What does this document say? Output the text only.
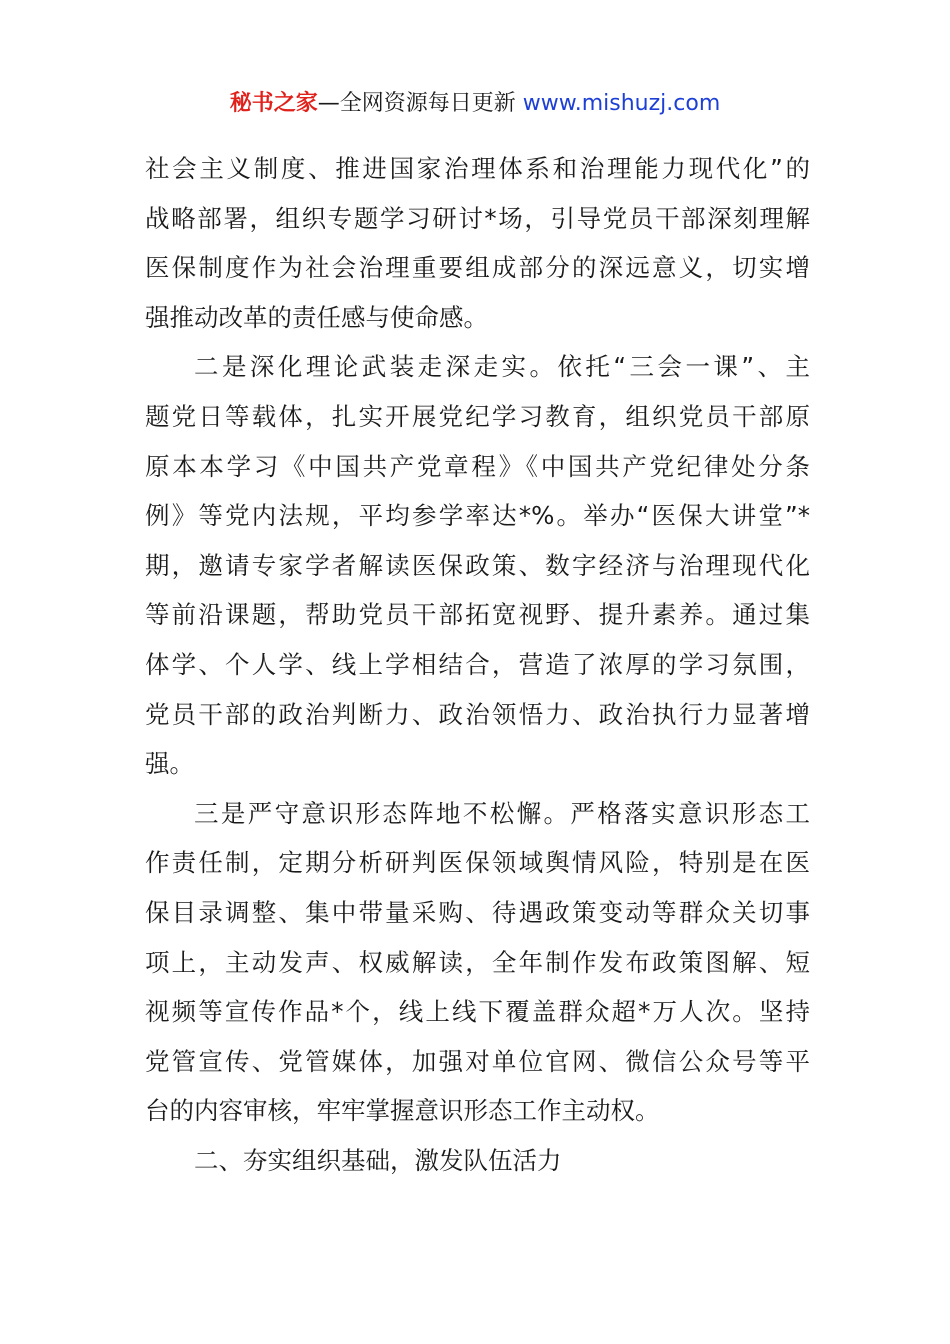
秘书之家—全网资源每日更新 www.mishuzj.com

社会主义制度、推进国家治理体系和治理能力现代化”的
战略部署，组织专题学习研讨*场，引导党员干部深刻理解
医保制度作为社会治理重要组成部分的深远意义，切实增
强推动改革的责任感与使命感。

二是深化理论武装走深走实。依托“三会一课”、主
题党日等载体，扎实开展党纪学习教育，组织党员干部原
原本本学习《中国共产党章程》《中国共产党纪律处分条
例》等党内法规，平均参学率达*%。举办“医保大讲堂”*
期，邀请专家学者解读医保政策、数字经济与治理现代化
等前沿课题，帮助党员干部拓宽视野、提升素养。通过集
体学、个人学、线上学相结合，营造了浓厚的学习氛围，
党员干部的政治判断力、政治领悟力、政治执行力显著增
强。

三是严守意识形态阵地不松懈。严格落实意识形态工
作责任制，定期分析研判医保领域舆情风险，特别是在医
保目录调整、集中带量采购、待遇政策变动等群众关切事
项上，主动发声、权威解读，全年制作发布政策图解、短
视频等宣传作品*个，线上线下覆盖群众超*万人次。坚持
党管宣传、党管媒体，加强对单位官网、微信公众号等平
台的内容审核，牢牢掌握意识形态工作主动权。

二、夯实组织基础，激发队伍活力
